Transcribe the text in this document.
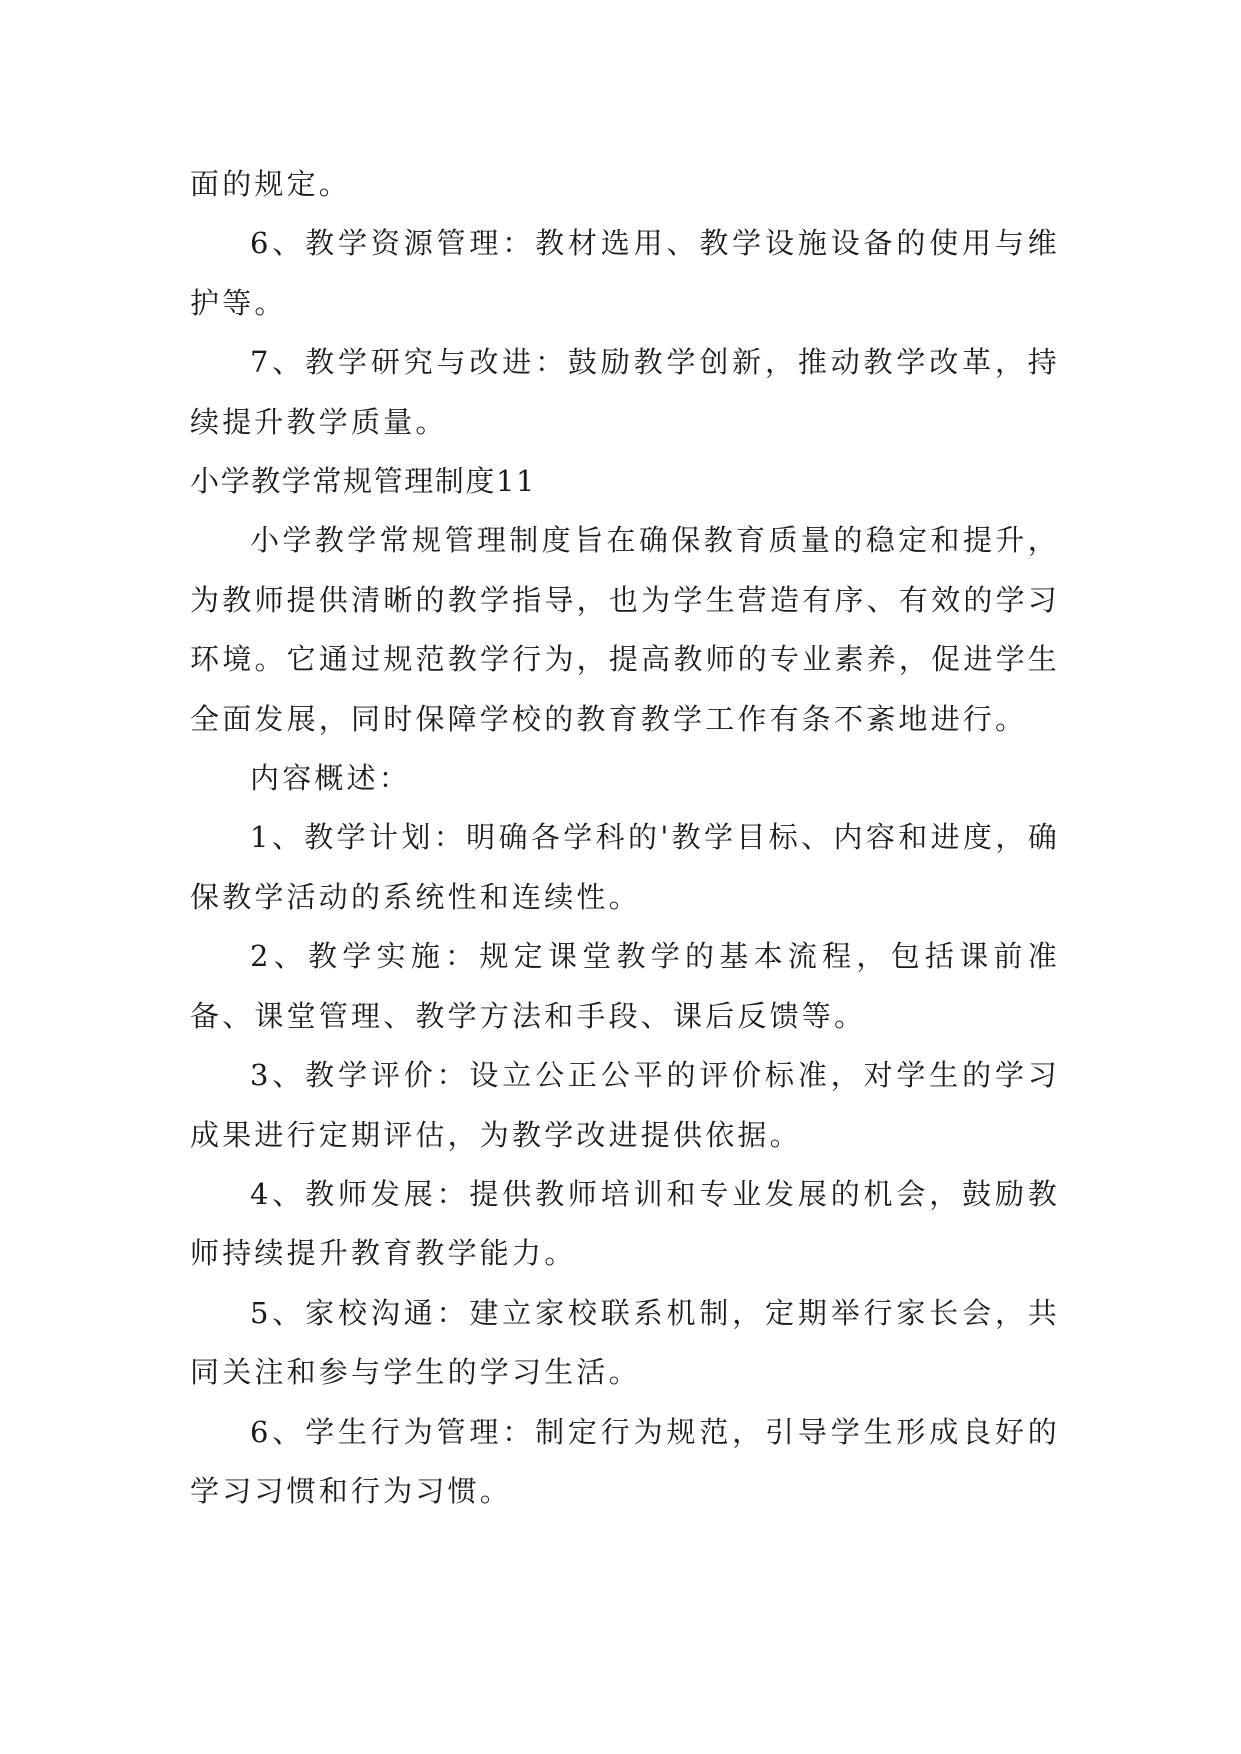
面的规定。

6、教学资源管理：教材选用、教学设施设备的使用与维护等。

7、教学研究与改进：鼓励教学创新，推动教学改革，持续提升教学质量。

小学教学常规管理制度11

小学教学常规管理制度旨在确保教育质量的稳定和提升，为教师提供清晰的教学指导，也为学生营造有序、有效的学习环境。它通过规范教学行为，提高教师的专业素养，促进学生全面发展，同时保障学校的教育教学工作有条不紊地进行。

内容概述：

1、教学计划：明确各学科的'教学目标、内容和进度，确保教学活动的系统性和连续性。

2、教学实施：规定课堂教学的基本流程，包括课前准备、课堂管理、教学方法和手段、课后反馈等。

3、教学评价：设立公正公平的评价标准，对学生的学习成果进行定期评估，为教学改进提供依据。

4、教师发展：提供教师培训和专业发展的机会，鼓励教师持续提升教育教学能力。

5、家校沟通：建立家校联系机制，定期举行家长会，共同关注和参与学生的学习生活。

6、学生行为管理：制定行为规范，引导学生形成良好的学习习惯和行为习惯。
